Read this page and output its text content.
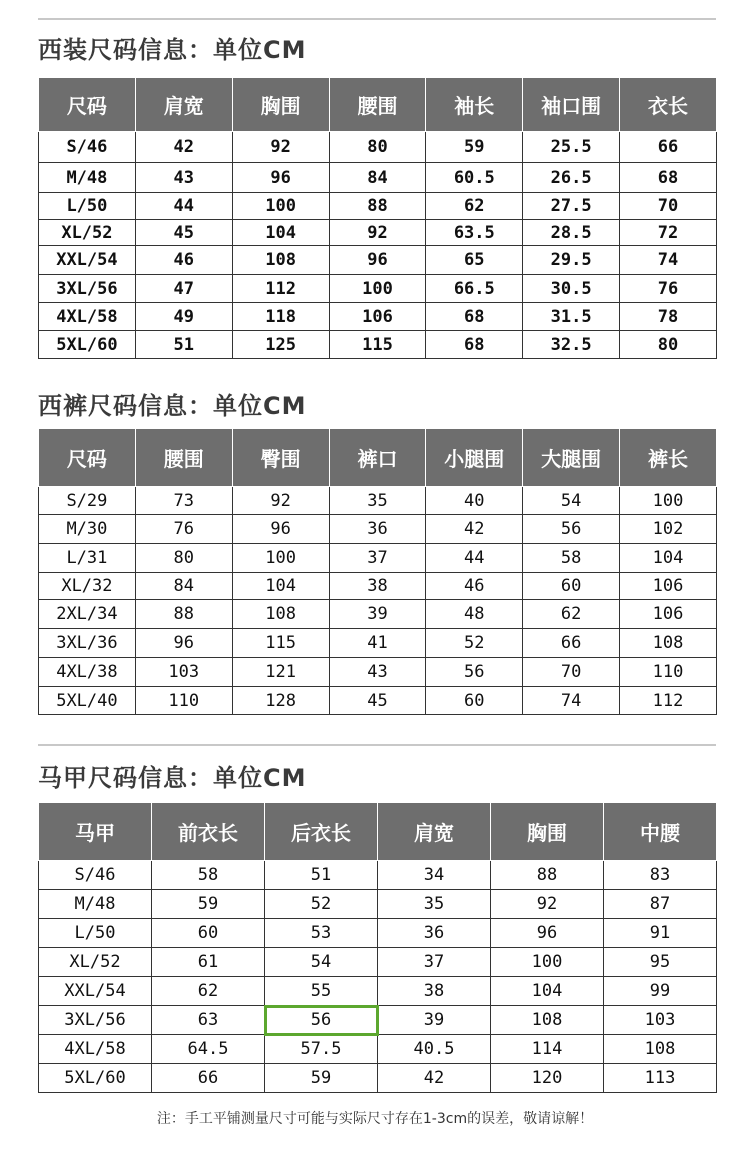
西装尺码信息：单位CM
尺码	肩宽	胸围	腰围	袖长	袖口围	衣长
S/46	42	92	80	59	25.5	66
M/48	43	96	84	60.5	26.5	68
L/50	44	100	88	62	27.5	70
XL/52	45	104	92	63.5	28.5	72
XXL/54	46	108	96	65	29.5	74
3XL/56	47	112	100	66.5	30.5	76
4XL/58	49	118	106	68	31.5	78
5XL/60	51	125	115	68	32.5	80
西裤尺码信息：单位CM
尺码	腰围	臀围	裤口	小腿围	大腿围	裤长
S/29	73	92	35	40	54	100
M/30	76	96	36	42	56	102
L/31	80	100	37	44	58	104
XL/32	84	104	38	46	60	106
2XL/34	88	108	39	48	62	106
3XL/36	96	115	41	52	66	108
4XL/38	103	121	43	56	70	110
5XL/40	110	128	45	60	74	112
马甲尺码信息：单位CM
马甲	前衣长	后衣长	肩宽	胸围	中腰
S/46	58	51	34	88	83
M/48	59	52	35	92	87
L/50	60	53	36	96	91
XL/52	61	54	37	100	95
XXL/54	62	55	38	104	99
3XL/56	63	56	39	108	103
4XL/58	64.5	57.5	40.5	114	108
5XL/60	66	59	42	120	113
注：手工平铺测量尺寸可能与实际尺寸存在1-3cm的误差，敬请谅解！
